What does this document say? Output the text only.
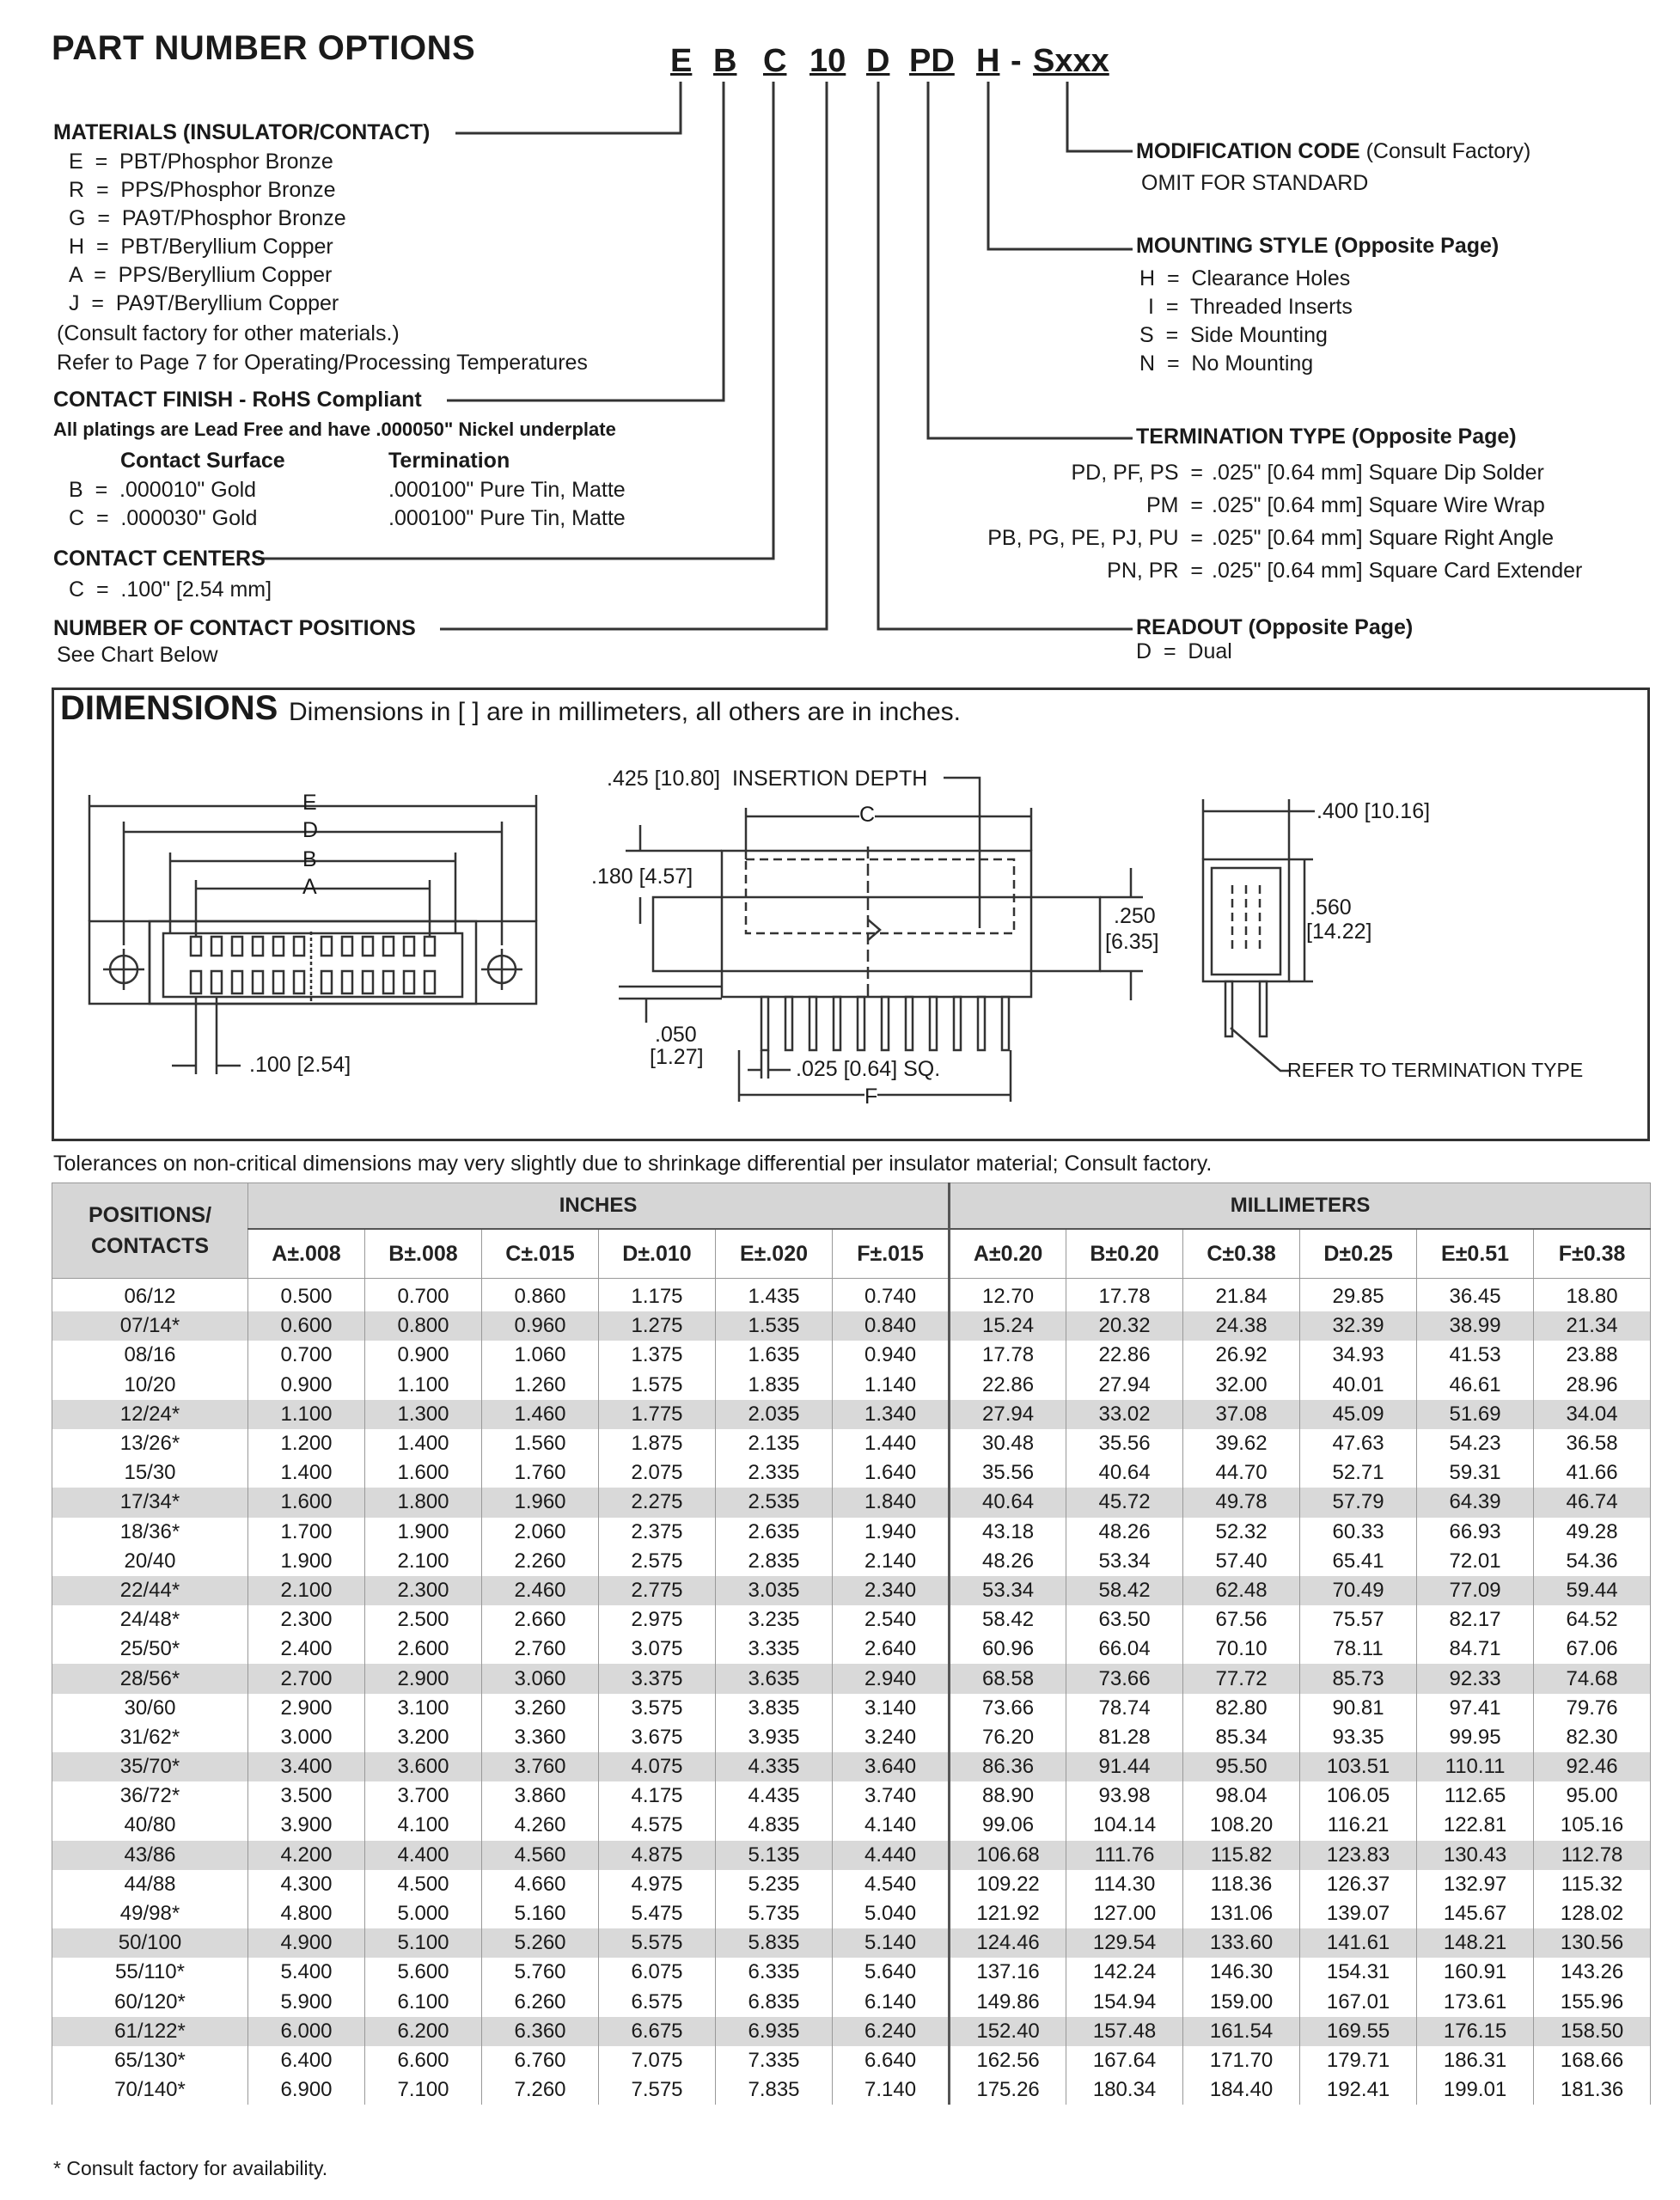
PART NUMBER OPTIONS	E B C 10 D PD H - Sxxx
MATERIALS (INSULATOR/CONTACT)
E  =  PBT/Phosphor Bronze
R  =  PPS/Phosphor Bronze
G  =  PA9T/Phosphor Bronze
H  =  PBT/Beryllium Copper
A  =  PPS/Beryllium Copper
J  =  PA9T/Beryllium Copper
(Consult factory for other materials.)
Refer to Page 7 for Operating/Processing Temperatures
CONTACT FINISH - RoHS Compliant
All platings are Lead Free and have .000050" Nickel underplate
Contact Surface	Termination
B  =  .000010" Gold	.000100" Pure Tin, Matte
C  =  .000030" Gold	.000100" Pure Tin, Matte
CONTACT CENTERS
C  =  .100" [2.54 mm]
NUMBER OF CONTACT POSITIONS
See Chart Below
MODIFICATION CODE (Consult Factory)
OMIT FOR STANDARD
MOUNTING STYLE (Opposite Page)
H  =  Clearance Holes
I  =  Threaded Inserts
S  =  Side Mounting
N  =  No Mounting
TERMINATION TYPE (Opposite Page)
PD, PF, PS  = .025" [0.64 mm] Square Dip Solder
PM  = .025" [0.64 mm] Square Wire Wrap
PB, PG, PE, PJ, PU  = .025" [0.64 mm] Square Right Angle
PN, PR  = .025" [0.64 mm] Square Card Extender
READOUT (Opposite Page)
D  =  Dual
DIMENSIONS Dimensions in [ ] are in millimeters, all others are in inches.
E
D
B
A
.100 [2.54]
.425 [10.80]  INSERTION DEPTH
C
.180 [4.57]
.250
[6.35]
.050
[1.27]	.025 [0.64] SQ.
F
.400 [10.16]
.560
[14.22]
REFER TO TERMINATION TYPE
Tolerances on non-critical dimensions may very slightly due to shrinkage differential per insulator material; Consult factory.
POSITIONS/
CONTACTS	INCHES						MILLIMETERS					
	A±.008	B±.008	C±.015	D±.010	E±.020	F±.015	A±0.20	B±0.20	C±0.38	D±0.25	E±0.51	F±0.38
06/12	0.500	0.700	0.860	1.175	1.435	0.740	12.70	17.78	21.84	29.85	36.45	18.80
07/14*	0.600	0.800	0.960	1.275	1.535	0.840	15.24	20.32	24.38	32.39	38.99	21.34
08/16	0.700	0.900	1.060	1.375	1.635	0.940	17.78	22.86	26.92	34.93	41.53	23.88
10/20	0.900	1.100	1.260	1.575	1.835	1.140	22.86	27.94	32.00	40.01	46.61	28.96
12/24*	1.100	1.300	1.460	1.775	2.035	1.340	27.94	33.02	37.08	45.09	51.69	34.04
13/26*	1.200	1.400	1.560	1.875	2.135	1.440	30.48	35.56	39.62	47.63	54.23	36.58
15/30	1.400	1.600	1.760	2.075	2.335	1.640	35.56	40.64	44.70	52.71	59.31	41.66
17/34*	1.600	1.800	1.960	2.275	2.535	1.840	40.64	45.72	49.78	57.79	64.39	46.74
18/36*	1.700	1.900	2.060	2.375	2.635	1.940	43.18	48.26	52.32	60.33	66.93	49.28
20/40	1.900	2.100	2.260	2.575	2.835	2.140	48.26	53.34	57.40	65.41	72.01	54.36
22/44*	2.100	2.300	2.460	2.775	3.035	2.340	53.34	58.42	62.48	70.49	77.09	59.44
24/48*	2.300	2.500	2.660	2.975	3.235	2.540	58.42	63.50	67.56	75.57	82.17	64.52
25/50*	2.400	2.600	2.760	3.075	3.335	2.640	60.96	66.04	70.10	78.11	84.71	67.06
28/56*	2.700	2.900	3.060	3.375	3.635	2.940	68.58	73.66	77.72	85.73	92.33	74.68
30/60	2.900	3.100	3.260	3.575	3.835	3.140	73.66	78.74	82.80	90.81	97.41	79.76
31/62*	3.000	3.200	3.360	3.675	3.935	3.240	76.20	81.28	85.34	93.35	99.95	82.30
35/70*	3.400	3.600	3.760	4.075	4.335	3.640	86.36	91.44	95.50	103.51	110.11	92.46
36/72*	3.500	3.700	3.860	4.175	4.435	3.740	88.90	93.98	98.04	106.05	112.65	95.00
40/80	3.900	4.100	4.260	4.575	4.835	4.140	99.06	104.14	108.20	116.21	122.81	105.16
43/86	4.200	4.400	4.560	4.875	5.135	4.440	106.68	111.76	115.82	123.83	130.43	112.78
44/88	4.300	4.500	4.660	4.975	5.235	4.540	109.22	114.30	118.36	126.37	132.97	115.32
49/98*	4.800	5.000	5.160	5.475	5.735	5.040	121.92	127.00	131.06	139.07	145.67	128.02
50/100	4.900	5.100	5.260	5.575	5.835	5.140	124.46	129.54	133.60	141.61	148.21	130.56
55/110*	5.400	5.600	5.760	6.075	6.335	5.640	137.16	142.24	146.30	154.31	160.91	143.26
60/120*	5.900	6.100	6.260	6.575	6.835	6.140	149.86	154.94	159.00	167.01	173.61	155.96
61/122*	6.000	6.200	6.360	6.675	6.935	6.240	152.40	157.48	161.54	169.55	176.15	158.50
65/130*	6.400	6.600	6.760	7.075	7.335	6.640	162.56	167.64	171.70	179.71	186.31	168.66
70/140*	6.900	7.100	7.260	7.575	7.835	7.140	175.26	180.34	184.40	192.41	199.01	181.36
* Consult factory for availability.
